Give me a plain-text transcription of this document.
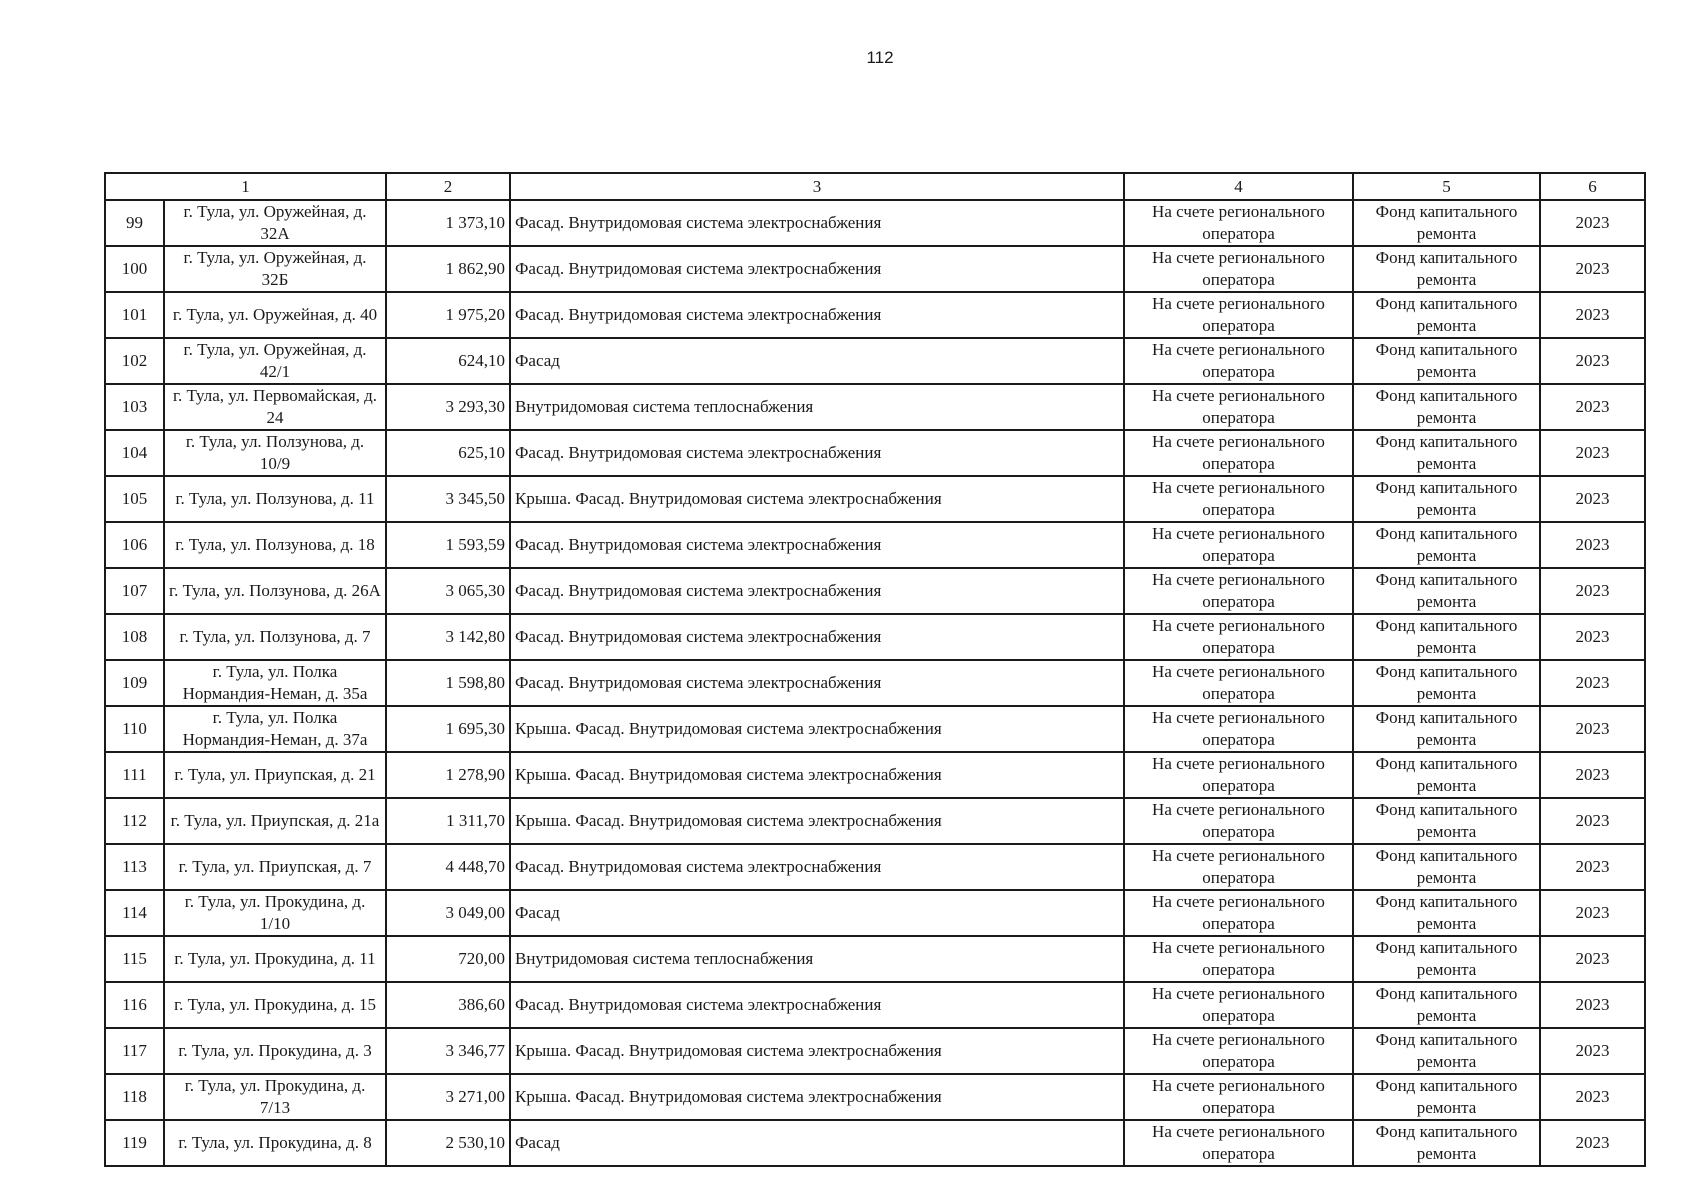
112
1		2	3	4	5	6
99	г. Тула, ул. Оружейная, д. 32А	1 373,10	Фасад. Внутридомовая система электроснабжения	На счете регионального оператора	Фонд капитального ремонта	2023
100	г. Тула, ул. Оружейная, д. 32Б	1 862,90	Фасад. Внутридомовая система электроснабжения	На счете регионального оператора	Фонд капитального ремонта	2023
101	г. Тула, ул. Оружейная, д. 40	1 975,20	Фасад. Внутридомовая система электроснабжения	На счете регионального оператора	Фонд капитального ремонта	2023
102	г. Тула, ул. Оружейная, д. 42/1	624,10	Фасад	На счете регионального оператора	Фонд капитального ремонта	2023
103	г. Тула, ул. Первомайская, д. 24	3 293,30	Внутридомовая система теплоснабжения	На счете регионального оператора	Фонд капитального ремонта	2023
104	г. Тула, ул. Ползунова, д. 10/9	625,10	Фасад. Внутридомовая система электроснабжения	На счете регионального оператора	Фонд капитального ремонта	2023
105	г. Тула, ул. Ползунова, д. 11	3 345,50	Крыша. Фасад. Внутридомовая система электроснабжения	На счете регионального оператора	Фонд капитального ремонта	2023
106	г. Тула, ул. Ползунова, д. 18	1 593,59	Фасад. Внутридомовая система электроснабжения	На счете регионального оператора	Фонд капитального ремонта	2023
107	г. Тула, ул. Ползунова, д. 26А	3 065,30	Фасад. Внутридомовая система электроснабжения	На счете регионального оператора	Фонд капитального ремонта	2023
108	г. Тула, ул. Ползунова, д. 7	3 142,80	Фасад. Внутридомовая система электроснабжения	На счете регионального оператора	Фонд капитального ремонта	2023
109	г. Тула, ул. Полка Нормандия-Неман, д. 35а	1 598,80	Фасад. Внутридомовая система электроснабжения	На счете регионального оператора	Фонд капитального ремонта	2023
110	г. Тула, ул. Полка Нормандия-Неман, д. 37а	1 695,30	Крыша. Фасад. Внутридомовая система электроснабжения	На счете регионального оператора	Фонд капитального ремонта	2023
111	г. Тула, ул. Приупская, д. 21	1 278,90	Крыша. Фасад. Внутридомовая система электроснабжения	На счете регионального оператора	Фонд капитального ремонта	2023
112	г. Тула, ул. Приупская, д. 21а	1 311,70	Крыша. Фасад. Внутридомовая система электроснабжения	На счете регионального оператора	Фонд капитального ремонта	2023
113	г. Тула, ул. Приупская, д. 7	4 448,70	Фасад. Внутридомовая система электроснабжения	На счете регионального оператора	Фонд капитального ремонта	2023
114	г. Тула, ул. Прокудина, д. 1/10	3 049,00	Фасад	На счете регионального оператора	Фонд капитального ремонта	2023
115	г. Тула, ул. Прокудина, д. 11	720,00	Внутридомовая система теплоснабжения	На счете регионального оператора	Фонд капитального ремонта	2023
116	г. Тула, ул. Прокудина, д. 15	386,60	Фасад. Внутридомовая система электроснабжения	На счете регионального оператора	Фонд капитального ремонта	2023
117	г. Тула, ул. Прокудина, д. 3	3 346,77	Крыша. Фасад. Внутридомовая система электроснабжения	На счете регионального оператора	Фонд капитального ремонта	2023
118	г. Тула, ул. Прокудина, д. 7/13	3 271,00	Крыша. Фасад. Внутридомовая система электроснабжения	На счете регионального оператора	Фонд капитального ремонта	2023
119	г. Тула, ул. Прокудина, д. 8	2 530,10	Фасад	На счете регионального оператора	Фонд капитального ремонта	2023
